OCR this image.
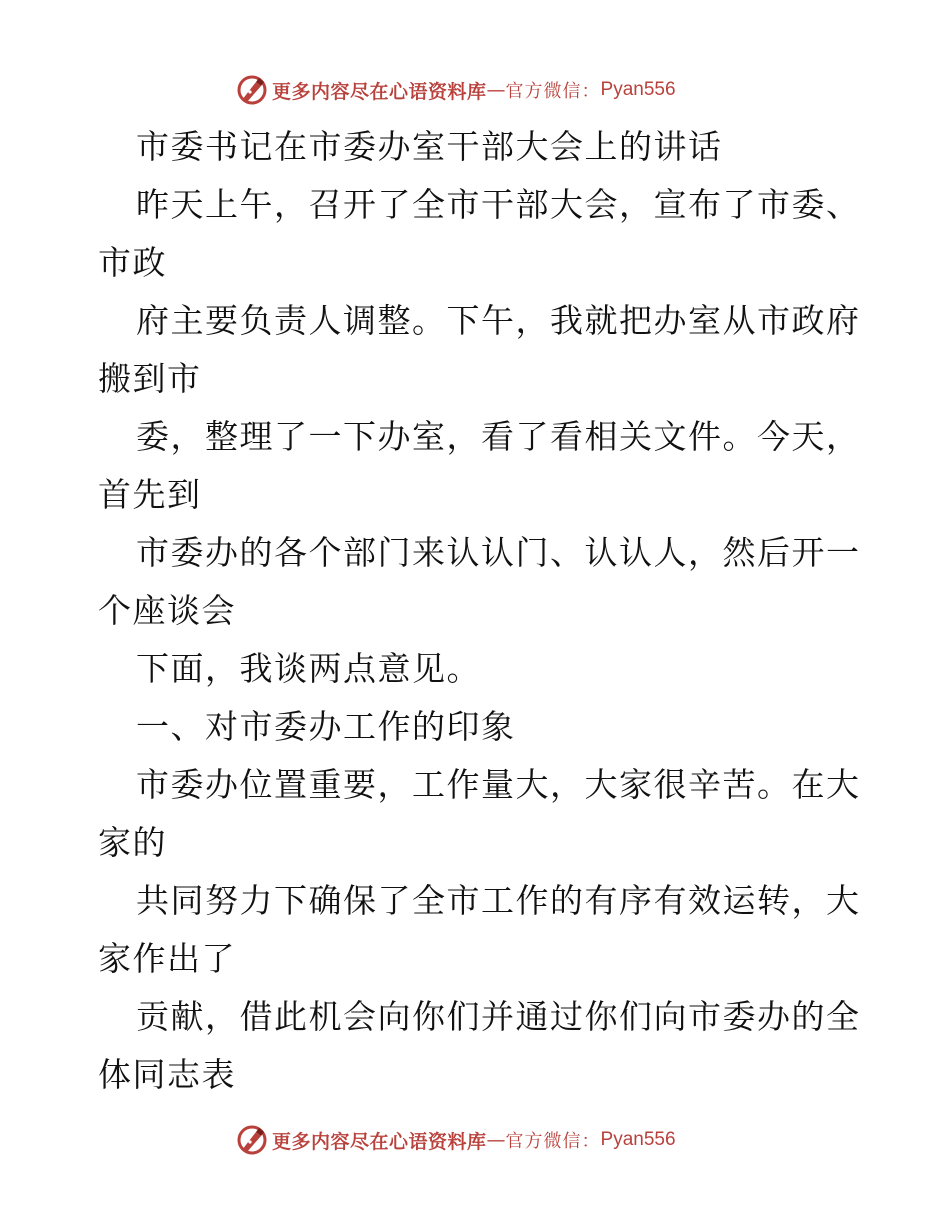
更多内容尽在心语资料库 — 官方微信： Pyan556
市委书记在市委办室干部大会上的讲话
昨天上午，召开了全市干部大会，宣布了市委、
市政
府主要负责人调整。下午，我就把办室从市政府
搬到市
委，整理了一下办室，看了看相关文件。今天，
首先到
市委办的各个部门来认认门、认认人，然后开一
个座谈会
下面，我谈两点意见。
一、对市委办工作的印象
市委办位置重要，工作量大，大家很辛苦。在大
家的
共同努力下确保了全市工作的有序有效运转，大
家作出了
贡献，借此机会向你们并通过你们向市委办的全
体同志表
更多内容尽在心语资料库 — 官方微信： Pyan556
